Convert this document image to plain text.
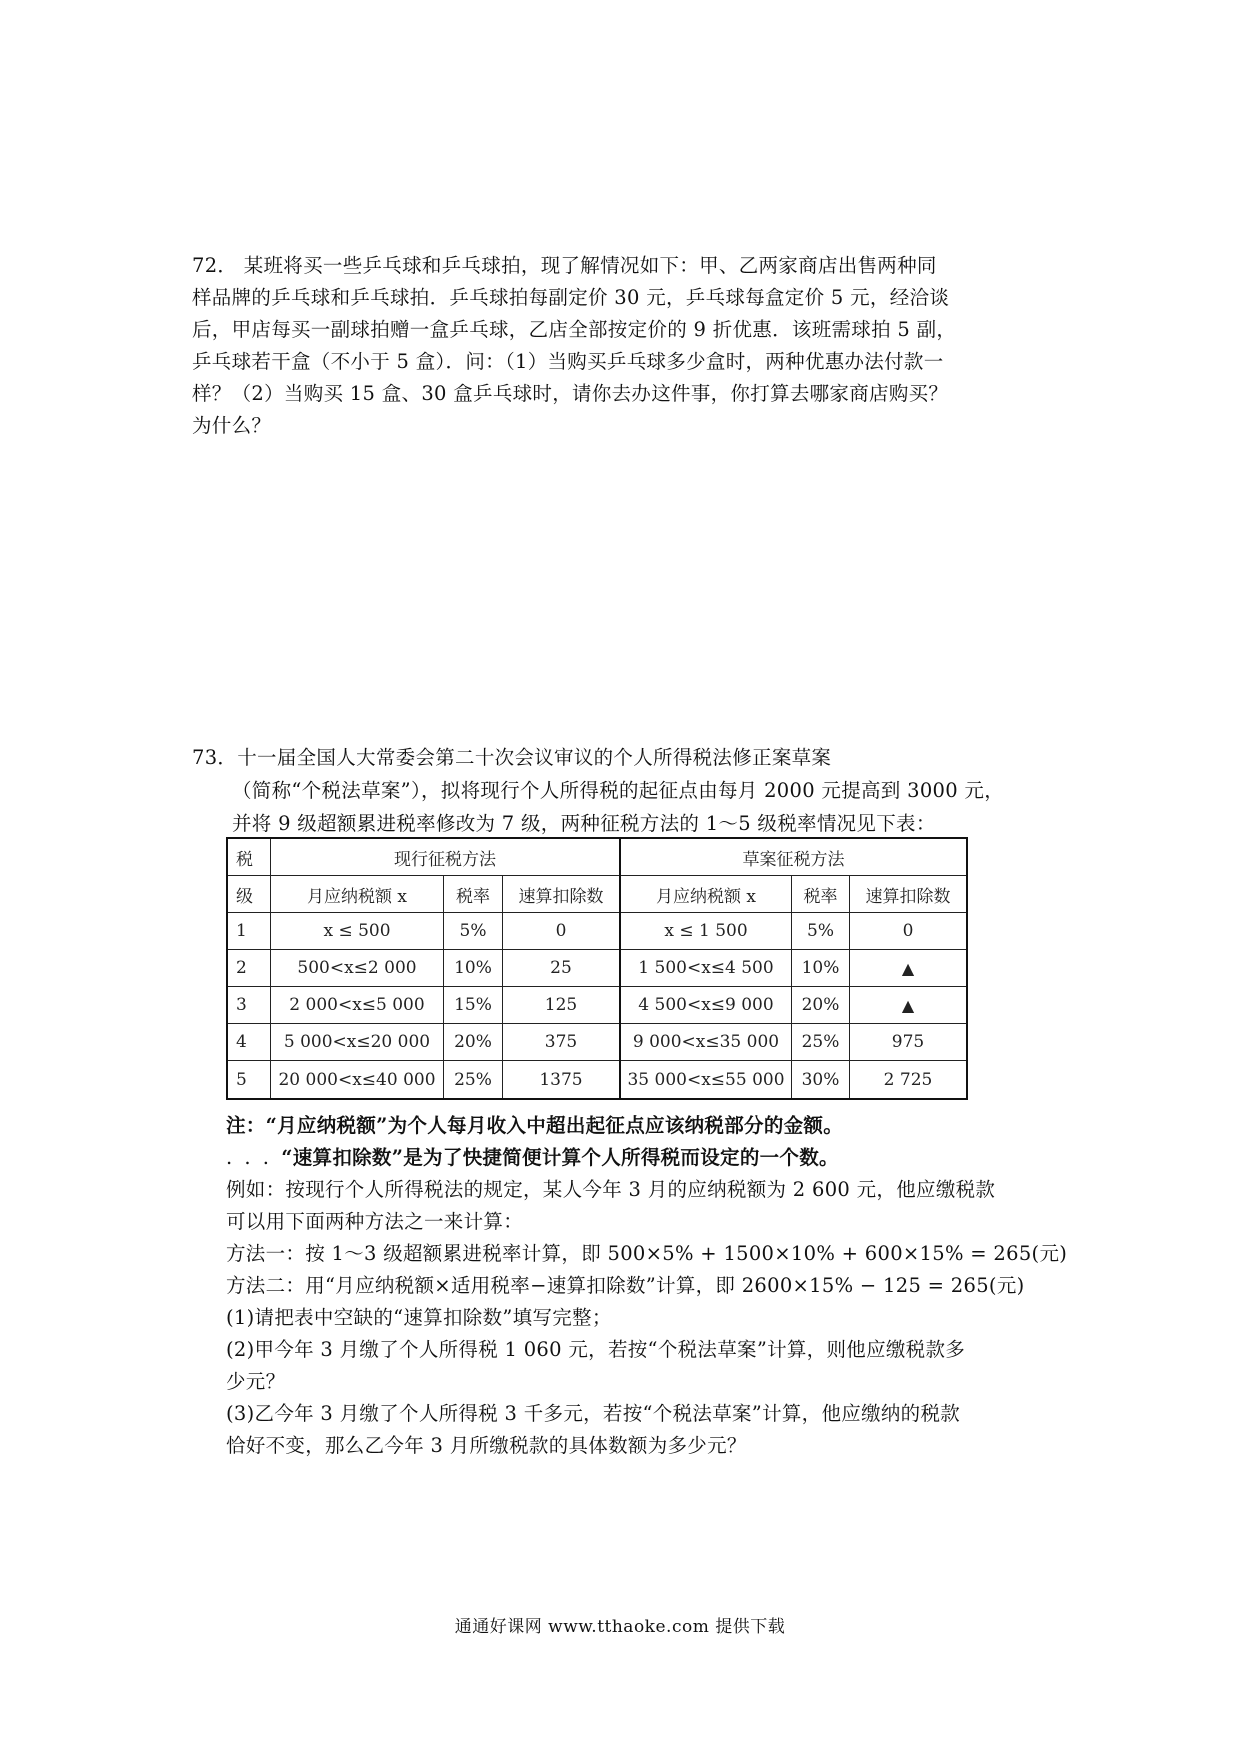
72． 某班将买一些乒乓球和乒乓球拍，现了解情况如下：甲、乙两家商店出售两种同
样品牌的乒乓球和乒乓球拍．乒乓球拍每副定价 30 元，乒乓球每盒定价 5 元，经洽谈
后，甲店每买一副球拍赠一盒乒乓球，乙店全部按定价的 9 折优惠．该班需球拍 5 副，
乒乓球若干盒（不小于 5 盒）．问：（1）当购买乒乓球多少盒时，两种优惠办法付款一
样？（2）当购买 15 盒、30 盒乒乓球时，请你去办这件事，你打算去哪家商店购买？
为什么？
73．十一届全国人大常委会第二十次会议审议的个人所得税法修正案草案
（简称“个税法草案”），拟将现行个人所得税的起征点由每月 2000 元提高到 3000 元，
并将 9 级超额累进税率修改为 7 级，两种征税方法的 1～5 级税率情况见下表：
税	现行征税方法			草案征税方法		
级	月应纳税额 x	税率	速算扣除数	月应纳税额 x	税率	速算扣除数
1	x ≤ 500	5%	0	x ≤ 1 500	5%	0
2	500<x≤2 000	10%	25	1 500<x≤4 500	10%	▲
3	2 000<x≤5 000	15%	125	4 500<x≤9 000	20%	▲
4	5 000<x≤20 000	20%	375	9 000<x≤35 000	25%	975
5	20 000<x≤40 000	25%	1375	35 000<x≤55 000	30%	2 725
注：“月应纳税额”为个人每月收入中超出起征点应该纳税部分的金额。
. . . “速算扣除数”是为了快捷简便计算个人所得税而设定的一个数。
例如：按现行个人所得税法的规定，某人今年 3 月的应纳税额为 2 600 元，他应缴税款
可以用下面两种方法之一来计算：
方法一：按 1～3 级超额累进税率计算，即 500×5% + 1500×10% + 600×15% = 265(元)
方法二：用“月应纳税额×适用税率−速算扣除数”计算，即 2600×15% − 125 = 265(元)
(1)请把表中空缺的“速算扣除数”填写完整；
(2)甲今年 3 月缴了个人所得税 1 060 元，若按“个税法草案”计算，则他应缴税款多
少元？
(3)乙今年 3 月缴了个人所得税 3 千多元，若按“个税法草案”计算，他应缴纳的税款
恰好不变，那么乙今年 3 月所缴税款的具体数额为多少元？
通通好课网 www.tthaoke.com 提供下载
